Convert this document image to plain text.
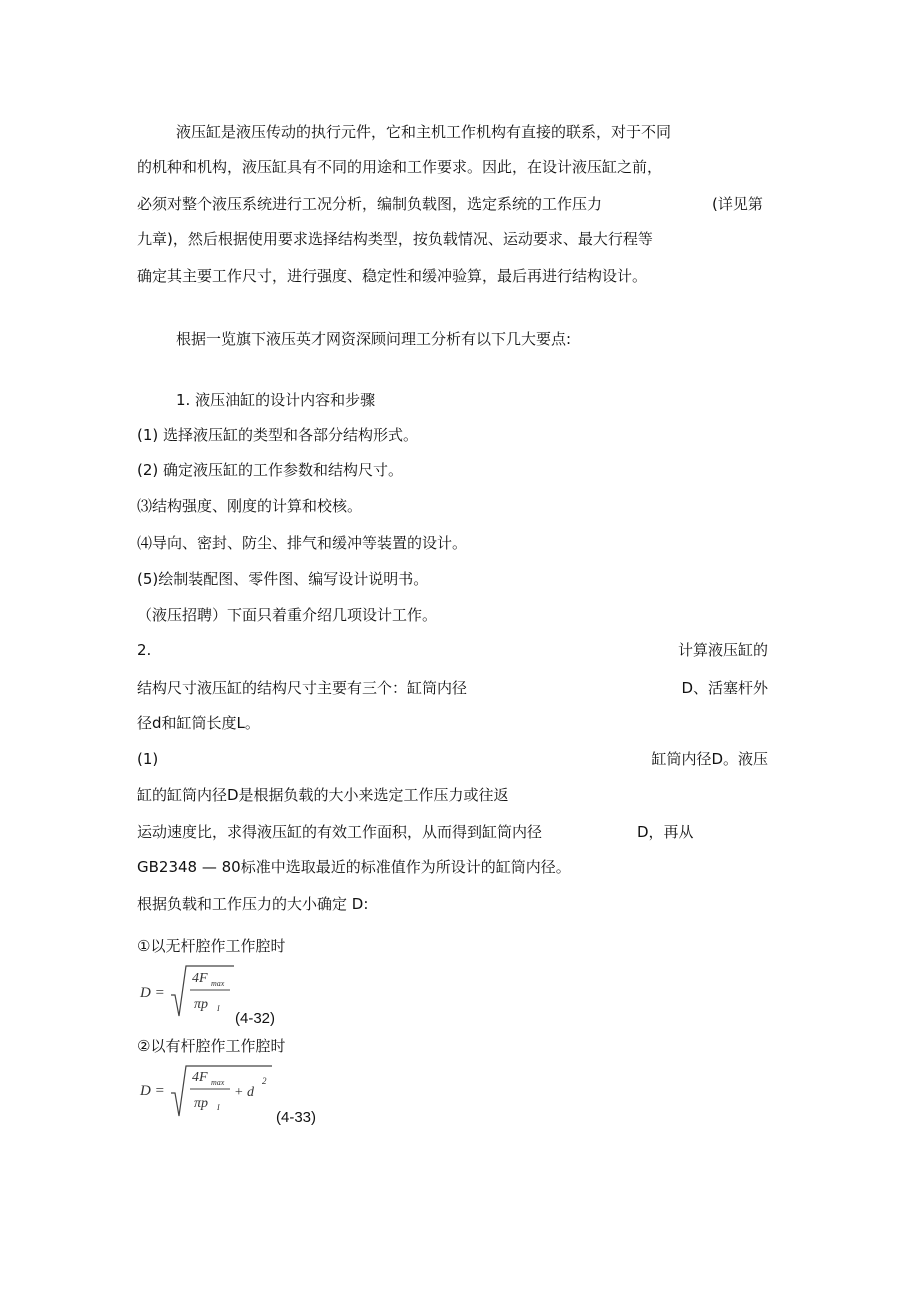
液压缸是液压传动的执行元件，它和主机工作机构有直接的联系，对于不同
的机种和机构，液压缸具有不同的用途和工作要求。因此，在设计液压缸之前，
必须对整个液压系统进行工况分析，编制负载图，选定系统的工作压力	(详见第
九章)，然后根据使用要求选择结构类型，按负载情况、运动要求、最大行程等
确定其主要工作尺寸，进行强度、稳定性和缓冲验算，最后再进行结构设计。
根据一览旗下液压英才网资深顾问理工分析有以下几大要点:
1. 液压油缸的设计内容和步骤
(1) 选择液压缸的类型和各部分结构形式。
(2) 确定液压缸的工作参数和结构尺寸。
⑶结构强度、刚度的计算和校核。
⑷导向、密封、防尘、排气和缓冲等装置的设计。
(5)绘制装配图、零件图、编写设计说明书。
（液压招聘）下面只着重介绍几项设计工作。
2.	计算液压缸的
结构尺寸液压缸的结构尺寸主要有三个：缸筒内径	D、活塞杆外
径d和缸筒长度L。
(1)	缸筒内径D。液压
缸的缸筒内径D是根据负载的大小来选定工作压力或往返
运动速度比，求得液压缸的有效工作面积，从而得到缸筒内径	D，再从
GB2348 — 80标准中选取最近的标准值作为所设计的缸筒内径。
根据负载和工作压力的大小确定 D:
①以无杆腔作工作腔时
D =
4F max
πp I
(4-32)
②以有杆腔作工作腔时
D =
4F max
πp I
+ d
2
(4-33)
